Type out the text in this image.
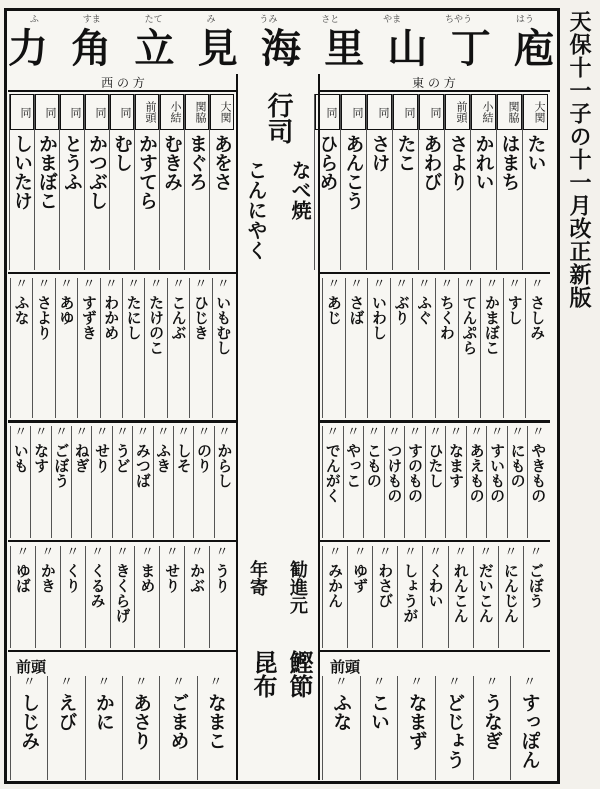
天保十一子の十一月改正新版
はう
ちやう
やま
さと
うみ
み
たて
すま
ふ
庖
丁
山
里
海
見
立
角
力
西 の 方	東 の 方
大関
あをさ
関脇
まぐろ
小結
むきみ
前頭
かすてら
同
むし
同
かつぶし
同
とうふ
同
かまぼこ
同
しいたけ
大関
たい
関脇
はまち
小結
かれい
前頭
さより
同
あわび
同
たこ
同
さけ
同
あんこう
同
ひらめ
〃
いもむし
〃
ひじき
〃
こんぶ
〃
たけのこ
〃
たにし
〃
わかめ
〃
すずき
〃
あゆ
〃
さより
〃
ふな
〃
さしみ
〃
すし
〃
かまぼこ
〃
てんぷら
〃
ちくわ
〃
ふぐ
〃
ぶり
〃
いわし
〃
さば
〃
あじ
〃
からし
〃
のり
〃
しそ
〃
ふき
〃
みつば
〃
うど
〃
せり
〃
ねぎ
〃
ごぼう
〃
なす
〃
いも
〃
やきもの
〃
にもの
〃
すいもの
〃
あえもの
〃
なます
〃
ひたし
〃
すのもの
〃
つけもの
〃
こもの
〃
やっこ
〃
でんがく
〃
うり
〃
かぶ
〃
せり
〃
まめ
〃
きくらげ
〃
くるみ
〃
くり
〃
かき
〃
ゆば
〃
ごぼう
〃
にんじん
〃
だいこん
〃
れんこん
〃
くわい
〃
しょうが
〃
わさび
〃
ゆず
〃
みかん
前頭	前頭
〃
なまこ
〃
ごまめ
〃
あさり
〃
かに
〃
えび
〃
しじみ
〃
すっぽん
〃
うなぎ
〃
どじょう
〃
なまず
〃
こい
〃
ふな
行司
なべ焼
こんにやく
勧進元
鰹節
昆布
年寄
